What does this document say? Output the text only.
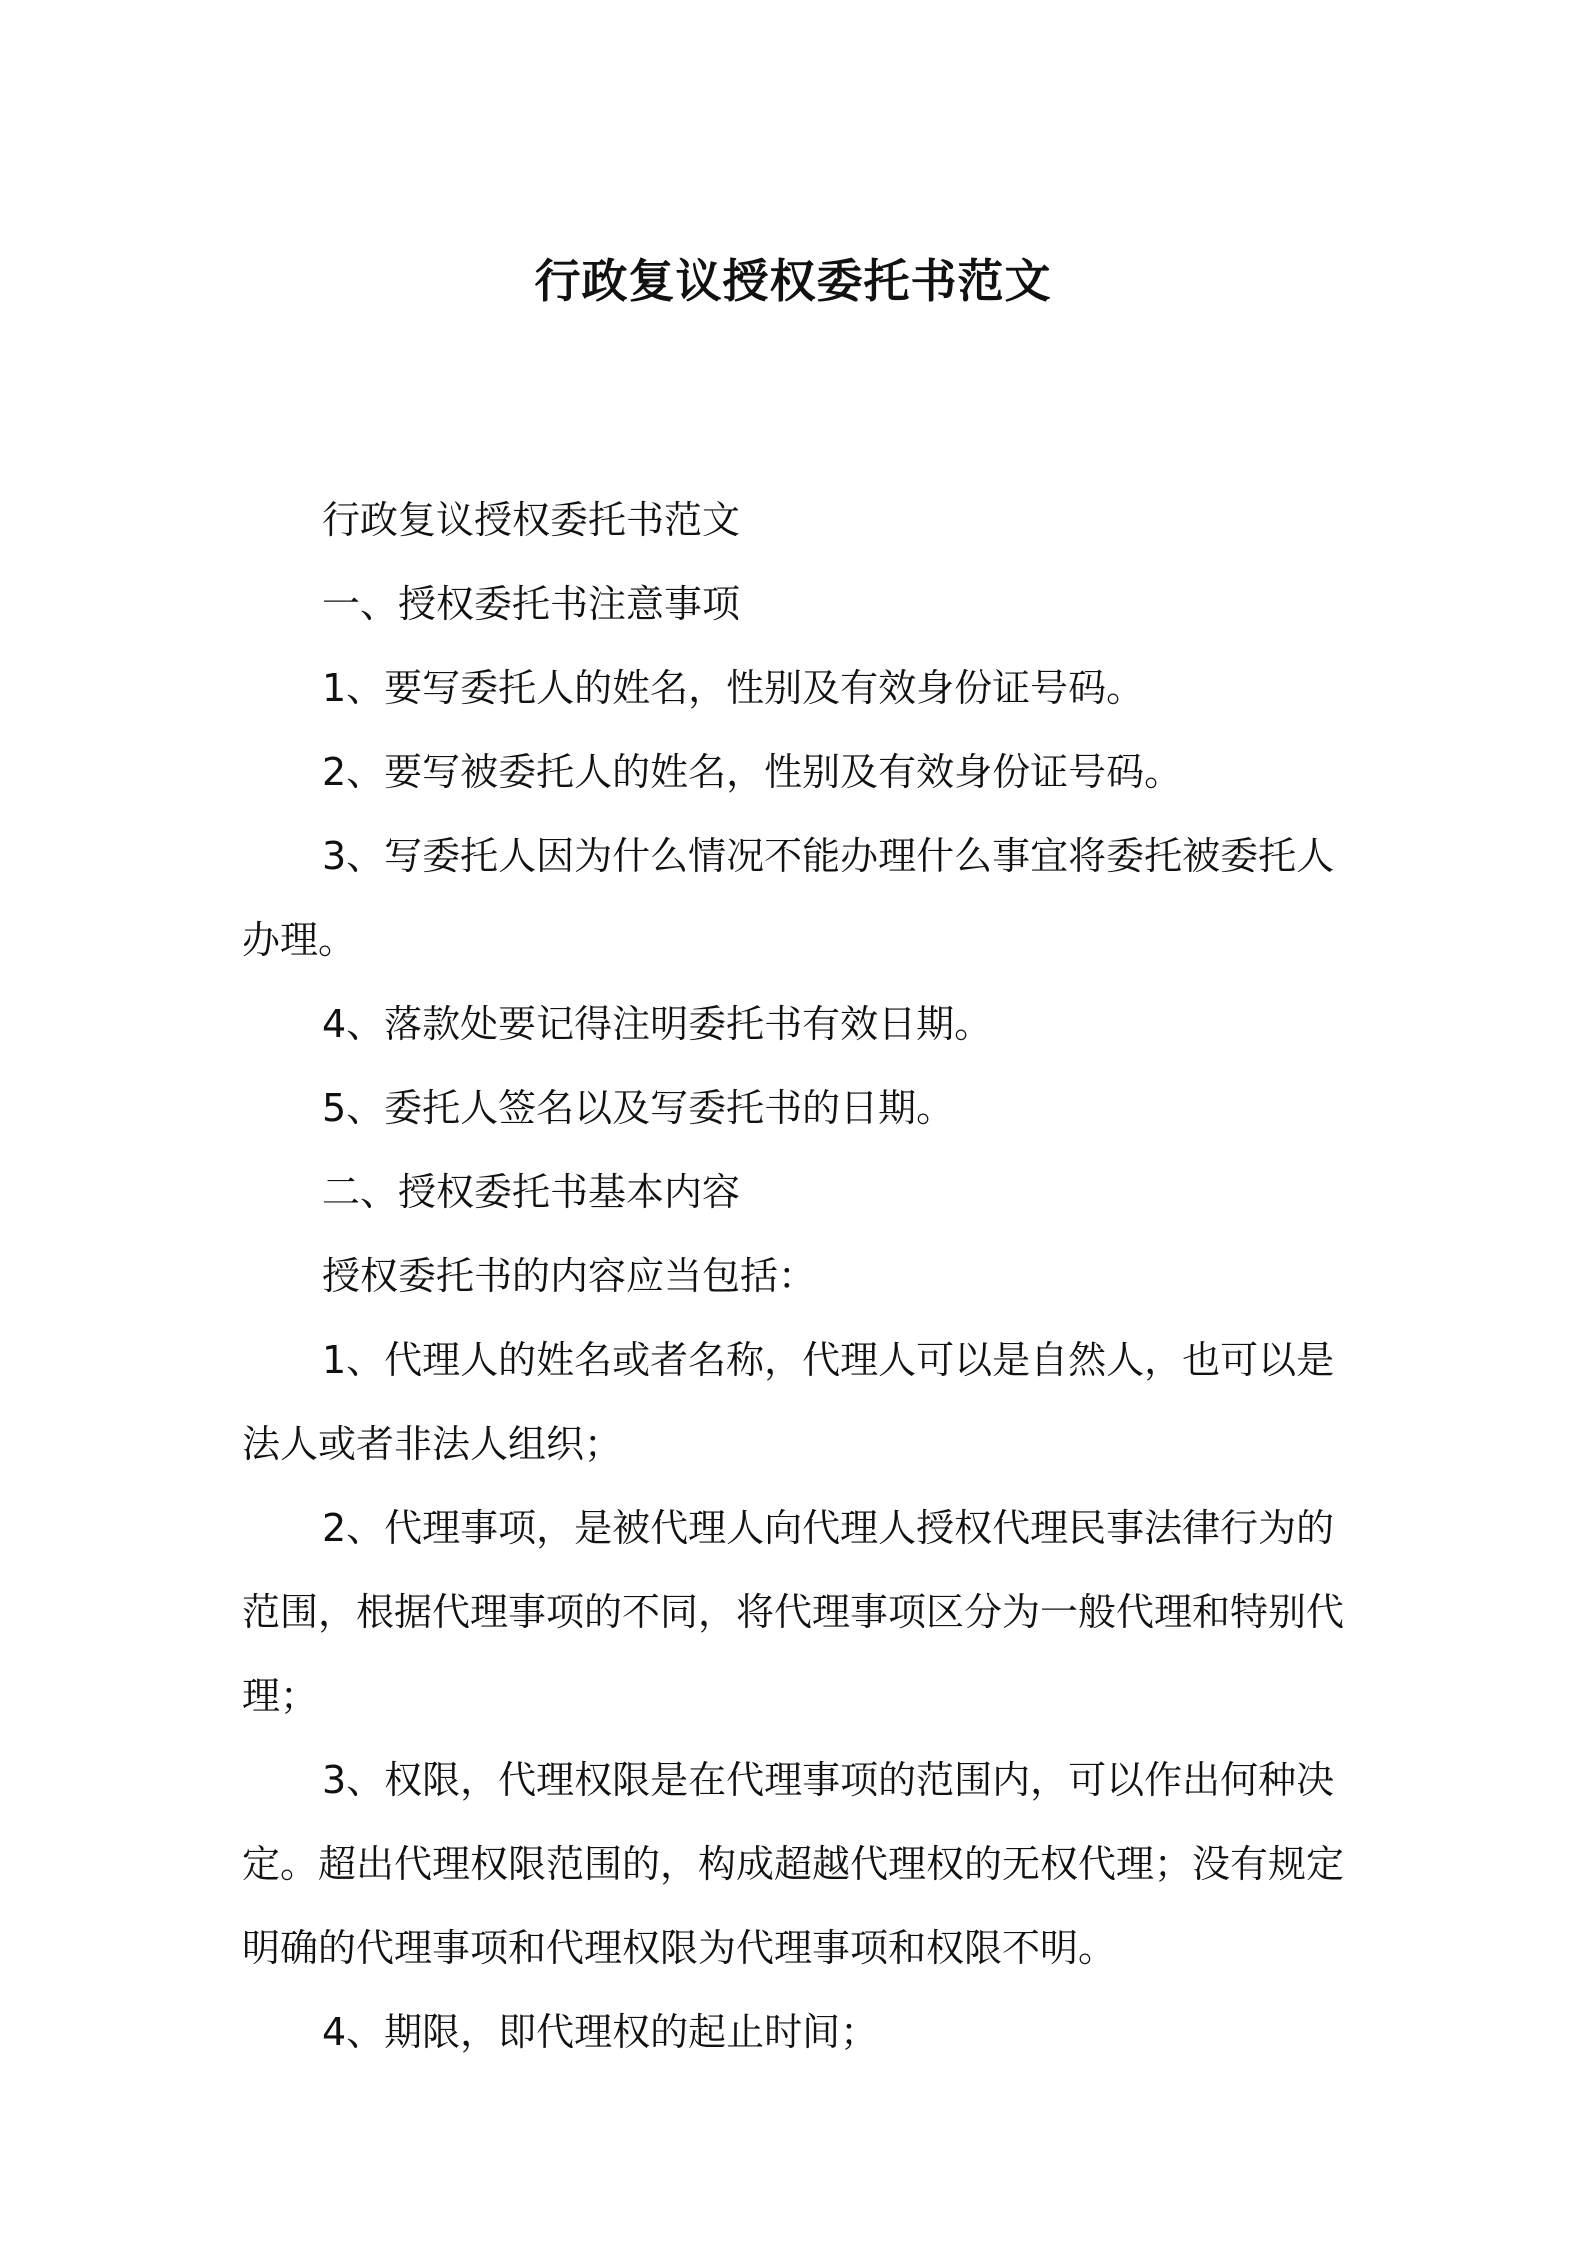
行政复议授权委托书范文

行政复议授权委托书范文

一、授权委托书注意事项

1、要写委托人的姓名，性别及有效身份证号码。

2、要写被委托人的姓名，性别及有效身份证号码。

3、写委托人因为什么情况不能办理什么事宜将委托被委托人办理。

4、落款处要记得注明委托书有效日期。

5、委托人签名以及写委托书的日期。

二、授权委托书基本内容

授权委托书的内容应当包括：

1、代理人的姓名或者名称，代理人可以是自然人，也可以是法人或者非法人组织；

2、代理事项，是被代理人向代理人授权代理民事法律行为的范围，根据代理事项的不同，将代理事项区分为一般代理和特别代理；

3、权限，代理权限是在代理事项的范围内，可以作出何种决定。超出代理权限范围的，构成超越代理权的无权代理；没有规定明确的代理事项和代理权限为代理事项和权限不明。

4、期限，即代理权的起止时间；
